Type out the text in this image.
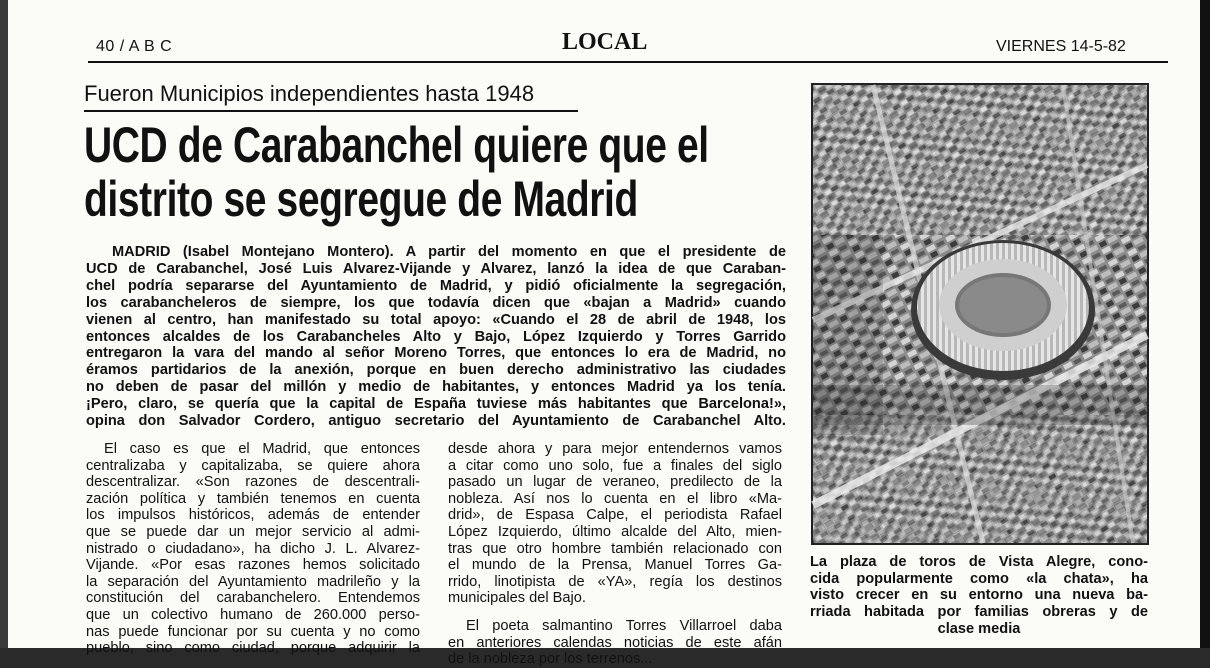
40 / A B C	LOCAL	VIERNES 14-5-82
Fueron Municipios independientes hasta 1948
UCD de Carabanchel quiere que el
distrito se segregue de Madrid
MADRID (Isabel Montejano Montero). A partir del momento en que el presidente de
UCD de Carabanchel, José Luis Alvarez-Vijande y Alvarez, lanzó la idea de que Caraban-
chel podría separarse del Ayuntamiento de Madrid, y pidió oficialmente la segregación,
los carabancheleros de siempre, los que todavía dicen que «bajan a Madrid» cuando
vienen al centro, han manifestado su total apoyo: «Cuando el 28 de abril de 1948, los
entonces alcaldes de los Carabancheles Alto y Bajo, López Izquierdo y Torres Garrido
entregaron la vara del mando al señor Moreno Torres, que entonces lo era de Madrid, no
éramos partidarios de la anexión, porque en buen derecho administrativo las ciudades
no deben de pasar del millón y medio de habitantes, y entonces Madrid ya los tenía.
¡Pero, claro, se quería que la capital de España tuviese más habitantes que Barcelona!»,
opina don Salvador Cordero, antiguo secretario del Ayuntamiento de Carabanchel Alto.
El caso es que el Madrid, que entonces
centralizaba y capitalizaba, se quiere ahora
descentralizar. «Son razones de descentrali-
zación política y también tenemos en cuenta
los impulsos históricos, además de entender
que se puede dar un mejor servicio al admi-
nistrado o ciudadano», ha dicho J. L. Alvarez-
Vijande. «Por esas razones hemos solicitado
la separación del Ayuntamiento madrileño y la
constitución del carabanchelero. Entendemos
que un colectivo humano de 260.000 perso-
nas puede funcionar por su cuenta y no como
pueblo, sino como ciudad, porque adquirir la
desde ahora y para mejor entendernos vamos
a citar como uno solo, fue a finales del siglo
pasado un lugar de veraneo, predilecto de la
nobleza. Así nos lo cuenta en el libro «Ma-
drid», de Espasa Calpe, el periodista Rafael
López Izquierdo, último alcalde del Alto, mien-
tras que otro hombre también relacionado con
el mundo de la Prensa, Manuel Torres Ga-
rrido, linotipista de «YA», regía los destinos
municipales del Bajo.
El poeta salmantino Torres Villarroel daba
en anteriores calendas noticias de este afán
de la nobleza por los terrenos...
La plaza de toros de Vista Alegre, cono-
cida popularmente como «la chata», ha
visto crecer en su entorno una nueva ba-
rriada habitada por familias obreras y de
clase media
